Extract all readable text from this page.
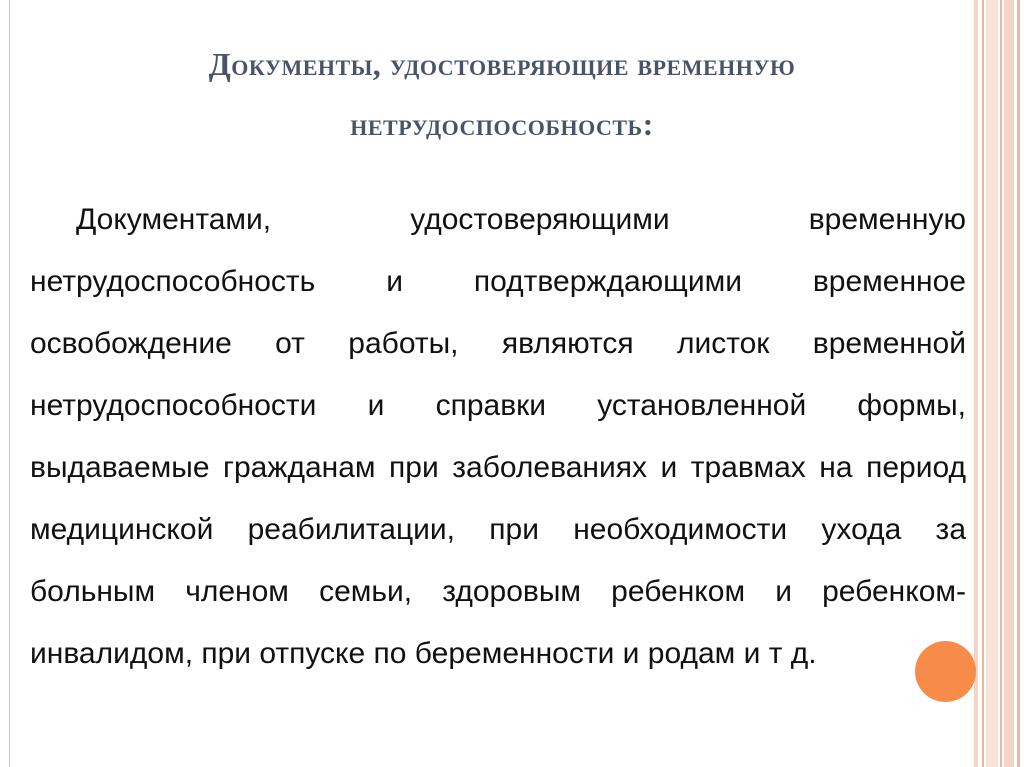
Документы, удостоверяющие временную
нетрудоспособность:

Документами, удостоверяющими временную нетрудоспособность и подтверждающими временное освобождение от работы, являются листок временной нетрудоспособности и справки установленной формы, выдаваемые гражданам при заболеваниях и травмах на период медицинской реабилитации, при необходимости ухода за больным членом семьи, здоровым ребенком и ребенком-инвалидом, при отпуске по беременности и родам и т д.
